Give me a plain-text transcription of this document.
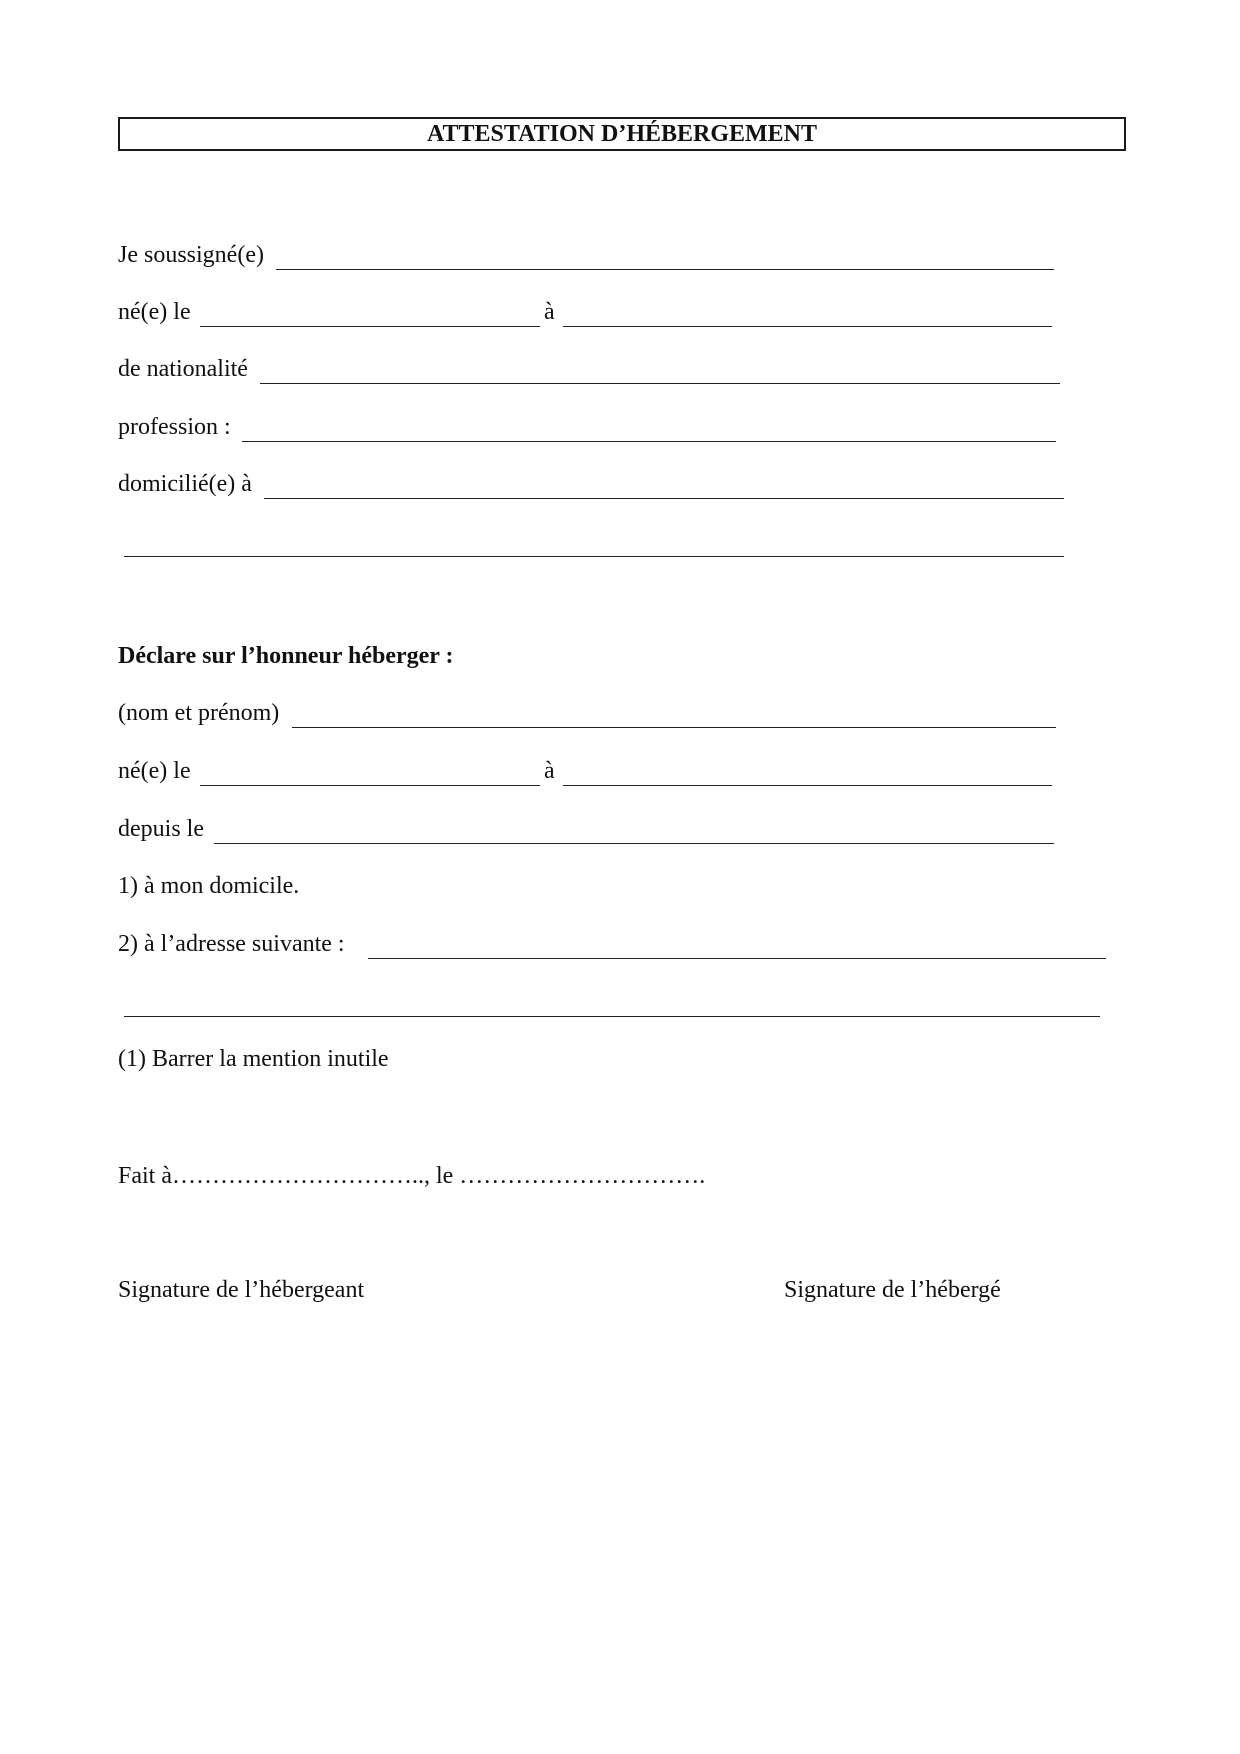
ATTESTATION D’HÉBERGEMENT
Je soussigné(e)
né(e) le	à
de nationalité
profession :
domicilié(e) à
Déclare sur l’honneur héberger :
(nom et prénom)
né(e) le	à
depuis le
1) à mon domicile.
2) à l’adresse suivante :
(1) Barrer la mention inutile
Fait à………………………….., le ………………………….
Signature de l’hébergeant	Signature de l’hébergé
